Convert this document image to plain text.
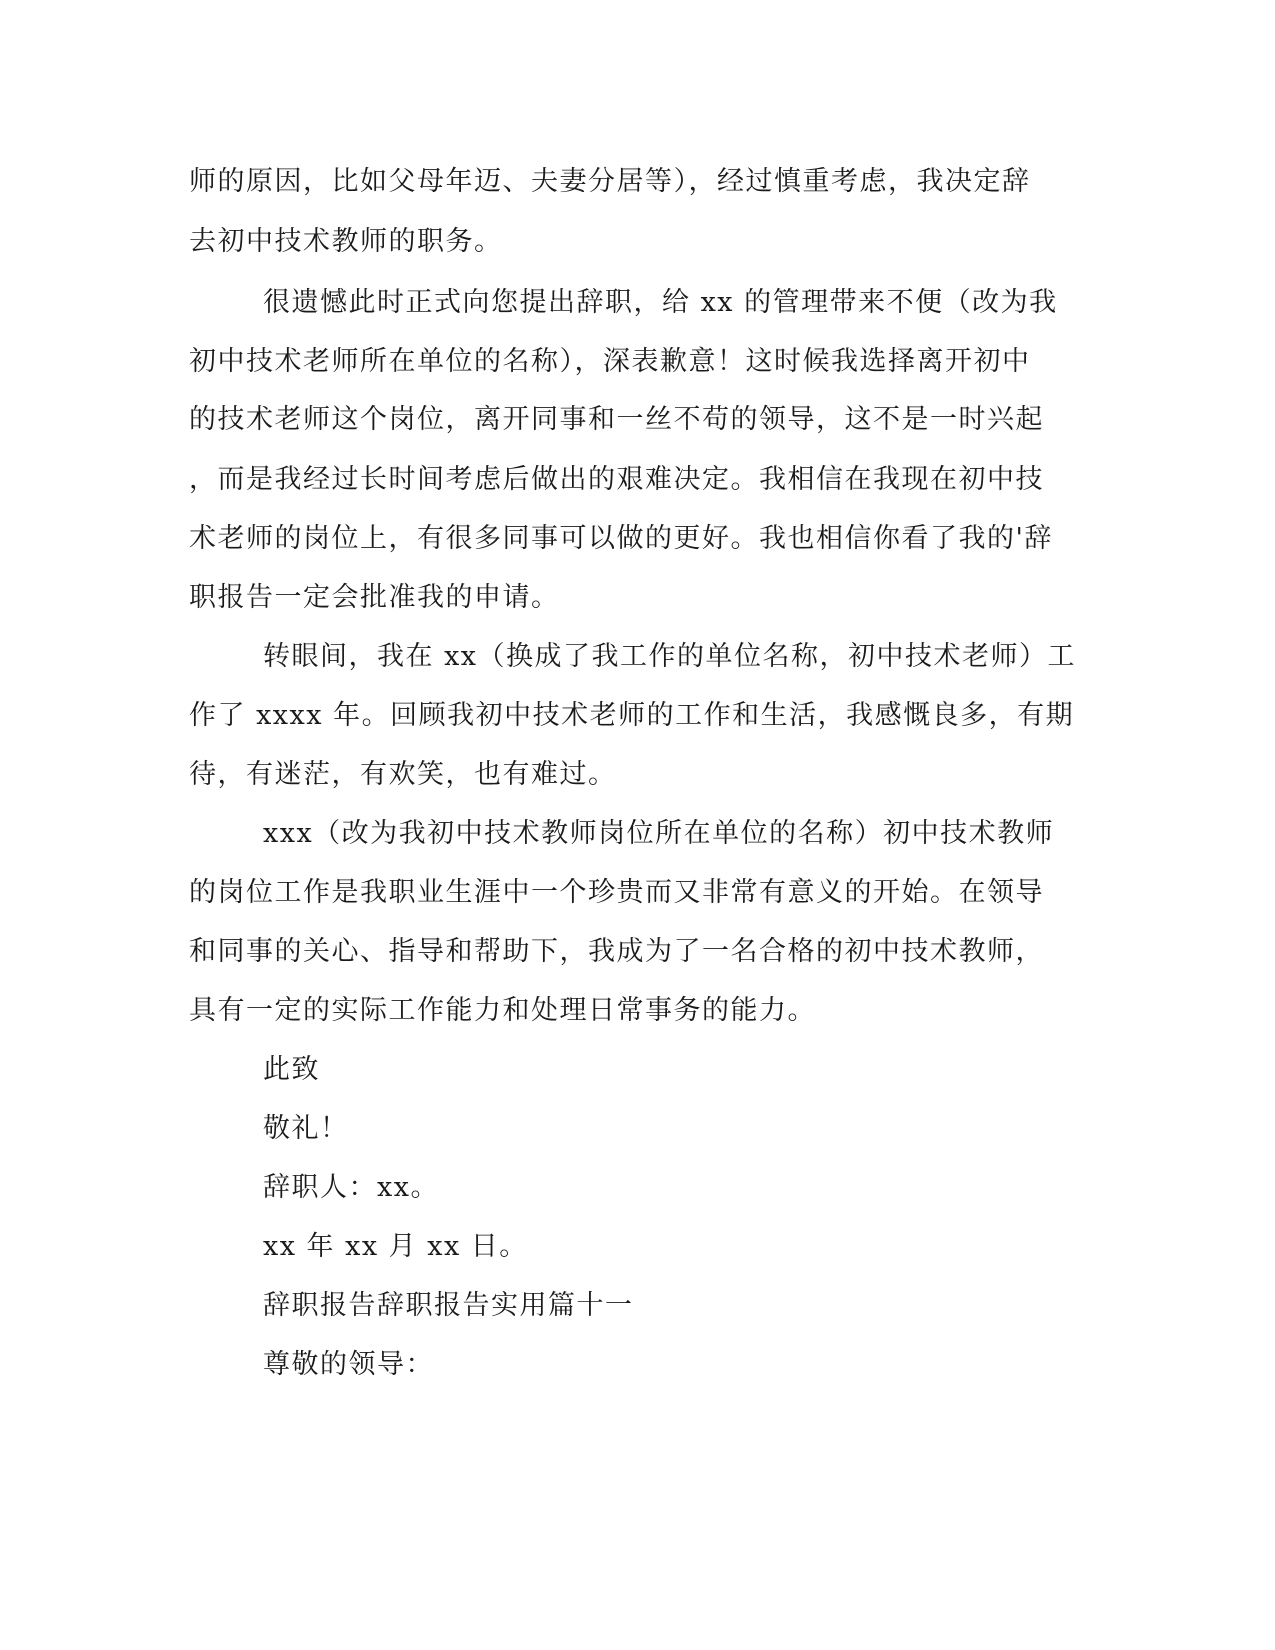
师的原因，比如父母年迈、夫妻分居等），经过慎重考虑，我决定辞
去初中技术教师的职务。
很遗憾此时正式向您提出辞职，给 xx 的管理带来不便（改为我
初中技术老师所在单位的名称），深表歉意！这时候我选择离开初中
的技术老师这个岗位，离开同事和一丝不苟的领导，这不是一时兴起
，而是我经过长时间考虑后做出的艰难决定。我相信在我现在初中技
术老师的岗位上，有很多同事可以做的更好。我也相信你看了我的'辞
职报告一定会批准我的申请。
转眼间，我在 xx（换成了我工作的单位名称，初中技术老师）工
作了 xxxx 年。回顾我初中技术老师的工作和生活，我感慨良多，有期
待，有迷茫，有欢笑，也有难过。
xxx（改为我初中技术教师岗位所在单位的名称）初中技术教师
的岗位工作是我职业生涯中一个珍贵而又非常有意义的开始。在领导
和同事的关心、指导和帮助下，我成为了一名合格的初中技术教师，
具有一定的实际工作能力和处理日常事务的能力。
此致
敬礼！
辞职人：xx。
xx 年 xx 月 xx 日。
辞职报告辞职报告实用篇十一
尊敬的领导：
